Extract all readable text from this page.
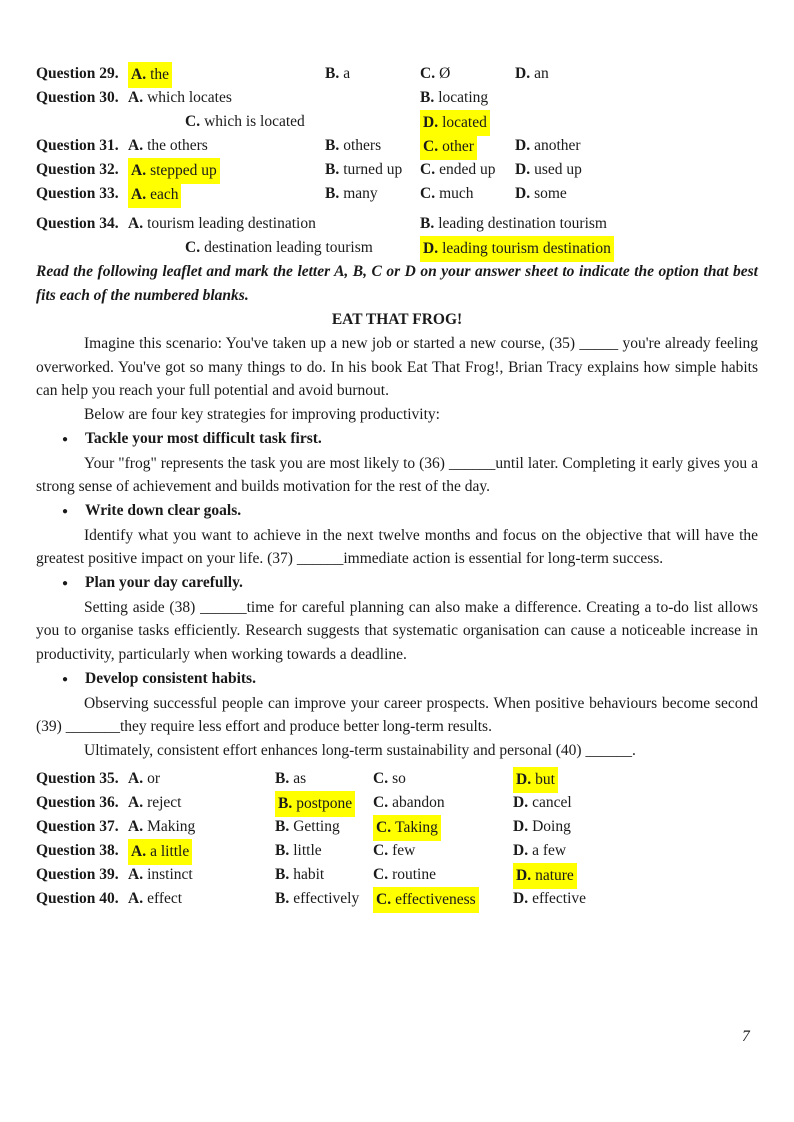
Question 29. A. the	B. a	C. Ø	D. an
Question 30. A. which locates	B. locating
C. which is located	D. located
Question 31. A. the others	B. others	C. other	D. another
Question 32. A. stepped up	B. turned up C. ended up D. used up
Question 33. A. each	B. many	C. much	D. some
Question 34. A. tourism leading destination	B. leading destination tourism
C. destination leading tourism	D. leading tourism destination

Read the following leaflet and mark the letter A, B, C or D on your answer sheet to indicate the option that best fits each of the numbered blanks.

EAT THAT FROG!

Imagine this scenario: You've taken up a new job or started a new course, (35) _____ you're already feeling overworked. You've got so many things to do. In his book Eat That Frog!, Brian Tracy explains how simple habits can help you reach your full potential and avoid burnout.

Below are four key strategies for improving productivity:

● Tackle your most difficult task first.

Your "frog" represents the task you are most likely to (36) ______until later. Completing it early gives you a strong sense of achievement and builds motivation for the rest of the day.

● Write down clear goals.

Identify what you want to achieve in the next twelve months and focus on the objective that will have the greatest positive impact on your life. (37) ______immediate action is essential for long-term success.

● Plan your day carefully.

Setting aside (38) ______time for careful planning can also make a difference. Creating a to-do list allows you to organise tasks efficiently. Research suggests that systematic organisation can cause a noticeable increase in productivity, particularly when working towards a deadline.

● Develop consistent habits.

Observing successful people can improve your career prospects. When positive behaviours become second (39) _______they require less effort and produce better long-term results.

Ultimately, consistent effort enhances long-term sustainability and personal (40) ______.

Question 35. A. or	B. as	C. so	D. but
Question 36. A. reject	B. postpone C. abandon	D. cancel
Question 37. A. Making	B. Getting C. Taking	D. Doing
Question 38. A. a little	B. little	C. few	D. a few
Question 39. A. instinct	B. habit	C. routine	D. nature
Question 40. A. effect	B. effectively C. effectiveness D. effective
7
